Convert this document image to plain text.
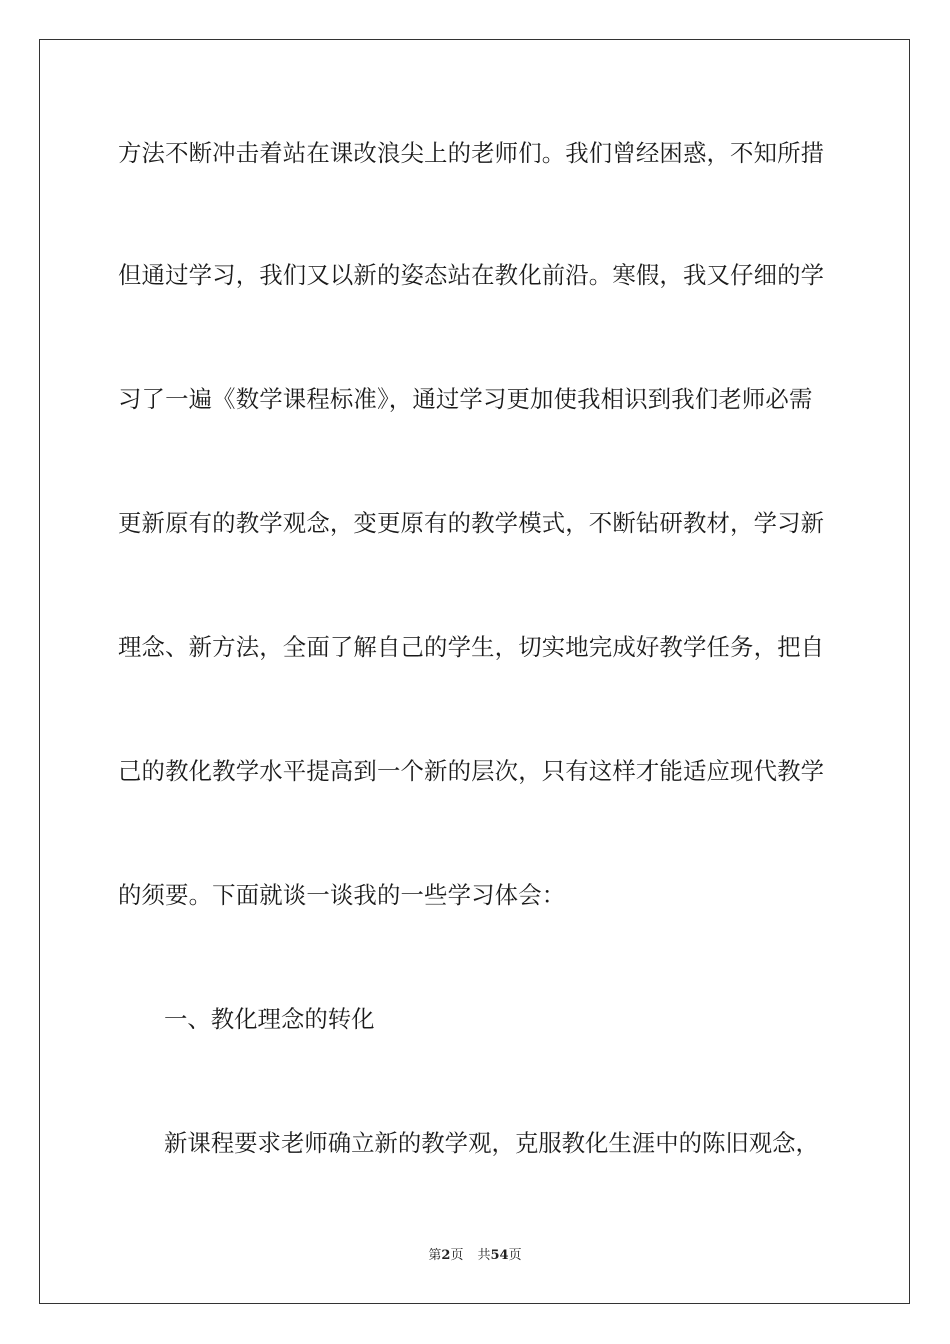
方法不断冲击着站在课改浪尖上的老师们。我们曾经困惑，不知所措
但通过学习，我们又以新的姿态站在教化前沿。寒假，我又仔细的学
习了一遍《数学课程标准》，通过学习更加使我相识到我们老师必需
更新原有的教学观念，变更原有的教学模式，不断钻研教材，学习新
理念、新方法，全面了解自己的学生，切实地完成好教学任务，把自
己的教化教学水平提高到一个新的层次，只有这样才能适应现代教学
的须要。下面就谈一谈我的一些学习体会：
一、教化理念的转化
新课程要求老师确立新的教学观，克服教化生涯中的陈旧观念，
第2页 共54页
